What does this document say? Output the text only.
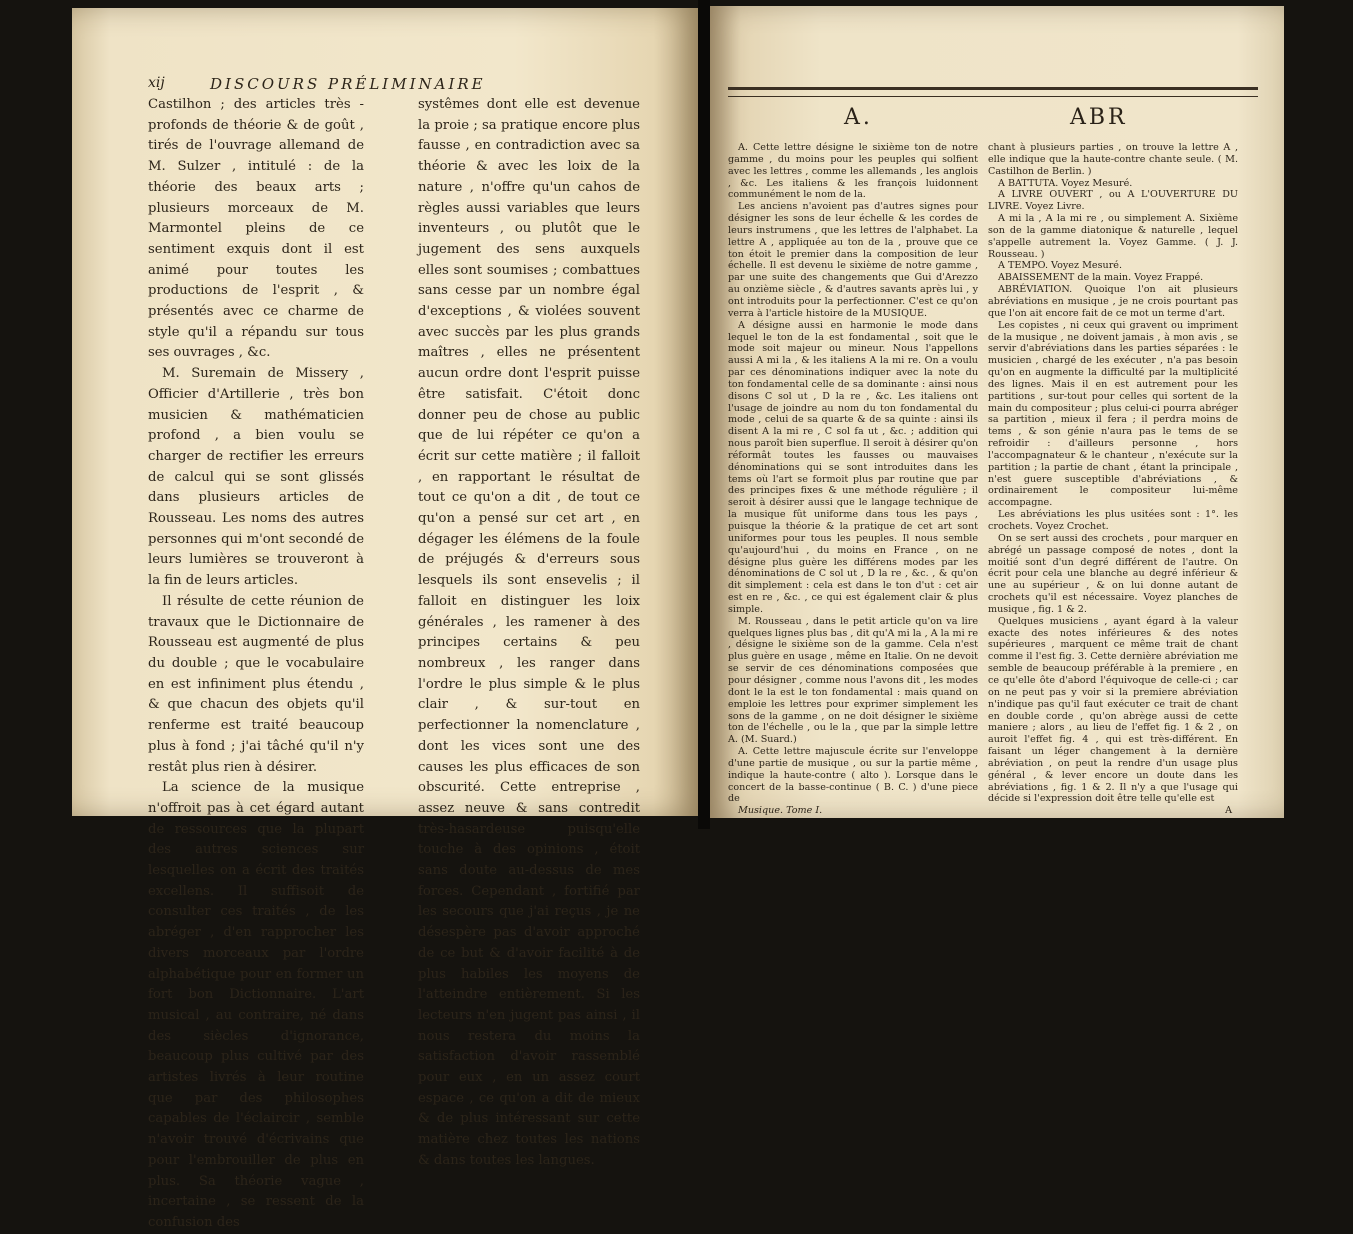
xij	DISCOURS PRÉLIMINAIRE

Castilhon ; des articles très - profonds de théorie & de goût , tirés de l'ouvrage allemand de M. Sulzer , intitulé : de la théorie des beaux arts ; plusieurs morceaux de M. Marmontel pleins de ce sentiment exquis dont il est animé pour toutes les productions de l'esprit , & présentés avec ce charme de style qu'il a répandu sur tous ses ouvrages , &c.

M. Suremain de Missery , Officier d'Artillerie , très bon musicien & mathématicien profond , a bien voulu se charger de rectifier les erreurs de calcul qui se sont glissés dans plusieurs articles de Rousseau. Les noms des autres personnes qui m'ont secondé de leurs lumières se trouveront à la fin de leurs articles.

Il résulte de cette réunion de travaux que le Dictionnaire de Rousseau est augmenté de plus du double ; que le vocabulaire en est infiniment plus étendu , & que chacun des objets qu'il renferme est traité beaucoup plus à fond ; j'ai tâché qu'il n'y restât plus rien à désirer.

La science de la musique n'offroit pas à cet égard autant de ressources que la plupart des autres sciences sur lesquelles on a écrit des traités excellens. Il suffisoit de consulter ces traités , de les abréger , d'en rapprocher les divers morceaux par l'ordre alphabétique pour en former un fort bon Dictionnaire. L'art musical , au contraire, né dans des siècles d'ignorance, beaucoup plus cultivé par des artistes livrés à leur routine que par des philosophes capables de l'éclaircir , semble n'avoir trouvé d'écrivains que pour l'embrouiller de plus en plus. Sa théorie vague , incertaine , se ressent de la confusion des

systêmes dont elle est devenue la proie ; sa pratique encore plus fausse , en contradiction avec sa théorie & avec les loix de la nature , n'offre qu'un cahos de règles aussi variables que leurs inventeurs , ou plutôt que le jugement des sens auxquels elles sont soumises ; combattues sans cesse par un nombre égal d'exceptions , & violées souvent avec succès par les plus grands maîtres , elles ne présentent aucun ordre dont l'esprit puisse être satisfait. C'étoit donc donner peu de chose au public que de lui répéter ce qu'on a écrit sur cette matière ; il falloit , en rapportant le résultat de tout ce qu'on a dit , de tout ce qu'on a pensé sur cet art , en dégager les élémens de la foule de préjugés & d'erreurs sous lesquels ils sont ensevelis ; il falloit en distinguer les loix générales , les ramener à des principes certains & peu nombreux , les ranger dans l'ordre le plus simple & le plus clair , & sur-tout en perfectionner la nomenclature , dont les vices sont une des causes les plus efficaces de son obscurité. Cette entreprise , assez neuve & sans contredit très-hasardeuse puisqu'elle touche à des opinions , étoit sans doute au-dessus de mes forces. Cependant , fortifié par les secours que j'ai reçus , je ne désespère pas d'avoir approché de ce but & d'avoir facilité à de plus habiles les moyens de l'atteindre entièrement. Si les lecteurs n'en jugent pas ainsi , il nous restera du moins la satisfaction d'avoir rassemblé pour eux , en un assez court espace , ce qu'on a dit de mieux & de plus intéressant sur cette matière chez toutes les nations & dans toutes les langues.

A.	ABR

A. Cette lettre désigne le sixième ton de notre gamme , du moins pour les peuples qui solfient avec les lettres , comme les allemands , les anglois , &c. Les italiens & les françois luidonnent communément le nom de la.

Les anciens n'avoient pas d'autres signes pour désigner les sons de leur échelle & les cordes de leurs instrumens , que les lettres de l'alphabet. La lettre A , appliquée au ton de la , prouve que ce ton étoit le premier dans la composition de leur échelle. Il est devenu le sixième de notre gamme , par une suite des changements que Gui d'Arezzo au onzième siècle , & d'autres savants après lui , y ont introduits pour la perfectionner. C'est ce qu'on verra à l'article histoire de la MUSIQUE.

A désigne aussi en harmonie le mode dans lequel le ton de la est fondamental , soit que le mode soit majeur ou mineur. Nous l'appellons aussi A mi la , & les italiens A la mi re. On a voulu par ces dénominations indiquer avec la note du ton fondamental celle de sa dominante : ainsi nous disons C sol ut , D la re , &c. Les italiens ont l'usage de joindre au nom du ton fondamental du mode , celui de sa quarte & de sa quinte : ainsi ils disent A la mi re , C sol fa ut , &c. ; addition qui nous paroît bien superflue. Il seroit à désirer qu'on réformât toutes les fausses ou mauvaises dénominations qui se sont introduites dans les tems où l'art se formoit plus par routine que par des principes fixes & une méthode régulière ; il seroit à désirer aussi que le langage technique de la musique fût uniforme dans tous les pays , puisque la théorie & la pratique de cet art sont uniformes pour tous les peuples. Il nous semble qu'aujourd'hui , du moins en France , on ne désigne plus guère les différens modes par les dénominations de C sol ut , D la re , &c. , & qu'on dit simplement : cela est dans le ton d'ut : cet air est en re , &c. , ce qui est également clair & plus simple.

M. Rousseau , dans le petit article qu'on va lire quelques lignes plus bas , dit qu'A mi la , A la mi re , désigne le sixième son de la gamme. Cela n'est plus guère en usage , même en Italie. On ne devoit se servir de ces dénominations composées que pour désigner , comme nous l'avons dit , les modes dont le la est le ton fondamental : mais quand on emploie les lettres pour exprimer simplement les sons de la gamme , on ne doit désigner le sixième ton de l'échelle , ou le la , que par la simple lettre A. (M. Suard.)

A. Cette lettre majuscule écrite sur l'enveloppe d'une partie de musique , ou sur la partie même , indique la haute-contre ( alto ). Lorsque dans le concert de la basse-continue ( B. C. ) d'une piece de

Musique. Tome I.

chant à plusieurs parties , on trouve la lettre A , elle indique que la haute-contre chante seule. ( M. Castilhon de Berlin. )

A BATTUTA. Voyez Mesuré.

A LIVRE OUVERT , ou A L'OUVERTURE DU LIVRE. Voyez Livre.

A mi la , A la mi re , ou simplement A. Sixième son de la gamme diatonique & naturelle , lequel s'appelle autrement la. Voyez Gamme. ( J. J. Rousseau. )

A TEMPO. Voyez Mesuré.

ABAISSEMENT de la main. Voyez Frappé.

ABRÉVIATION. Quoique l'on ait plusieurs abréviations en musique , je ne crois pourtant pas que l'on ait encore fait de ce mot un terme d'art.

Les copistes , ni ceux qui gravent ou impriment de la musique , ne doivent jamais , à mon avis , se servir d'abréviations dans les parties séparées : le musicien , chargé de les exécuter , n'a pas besoin qu'on en augmente la difficulté par la multiplicité des lignes. Mais il en est autrement pour les partitions , sur-tout pour celles qui sortent de la main du compositeur ; plus celui-ci pourra abréger sa partition , mieux il fera ; il perdra moins de tems , & son génie n'aura pas le tems de se refroidir : d'ailleurs personne , hors l'accompagnateur & le chanteur , n'exécute sur la partition ; la partie de chant , étant la principale , n'est guere susceptible d'abréviations , & ordinairement le compositeur lui-même accompagne.

Les abréviations les plus usitées sont : 1°. les crochets. Voyez Crochet.

On se sert aussi des crochets , pour marquer en abrégé un passage composé de notes , dont la moitié sont d'un degré différent de l'autre. On écrit pour cela une blanche au degré inférieur & une au supérieur , & on lui donne autant de crochets qu'il est nécessaire. Voyez planches de musique , fig. 1 & 2.

Quelques musiciens , ayant égard à la valeur exacte des notes inférieures & des notes supérieures , marquent ce même trait de chant comme il l'est fig. 3. Cette dernière abréviation me semble de beaucoup préférable à la premiere , en ce qu'elle ôte d'abord l'équivoque de celle-ci ; car on ne peut pas y voir si la premiere abréviation n'indique pas qu'il faut exécuter ce trait de chant en double corde , qu'on abrège aussi de cette maniere ; alors , au lieu de l'effet fig. 1 & 2 , on auroit l'effet fig. 4 , qui est très-différent. En faisant un léger changement à la dernière abréviation , on peut la rendre d'un usage plus général , & lever encore un doute dans les abréviations , fig. 1 & 2. Il n'y a que l'usage qui décide si l'expression doit être telle qu'elle est

A
